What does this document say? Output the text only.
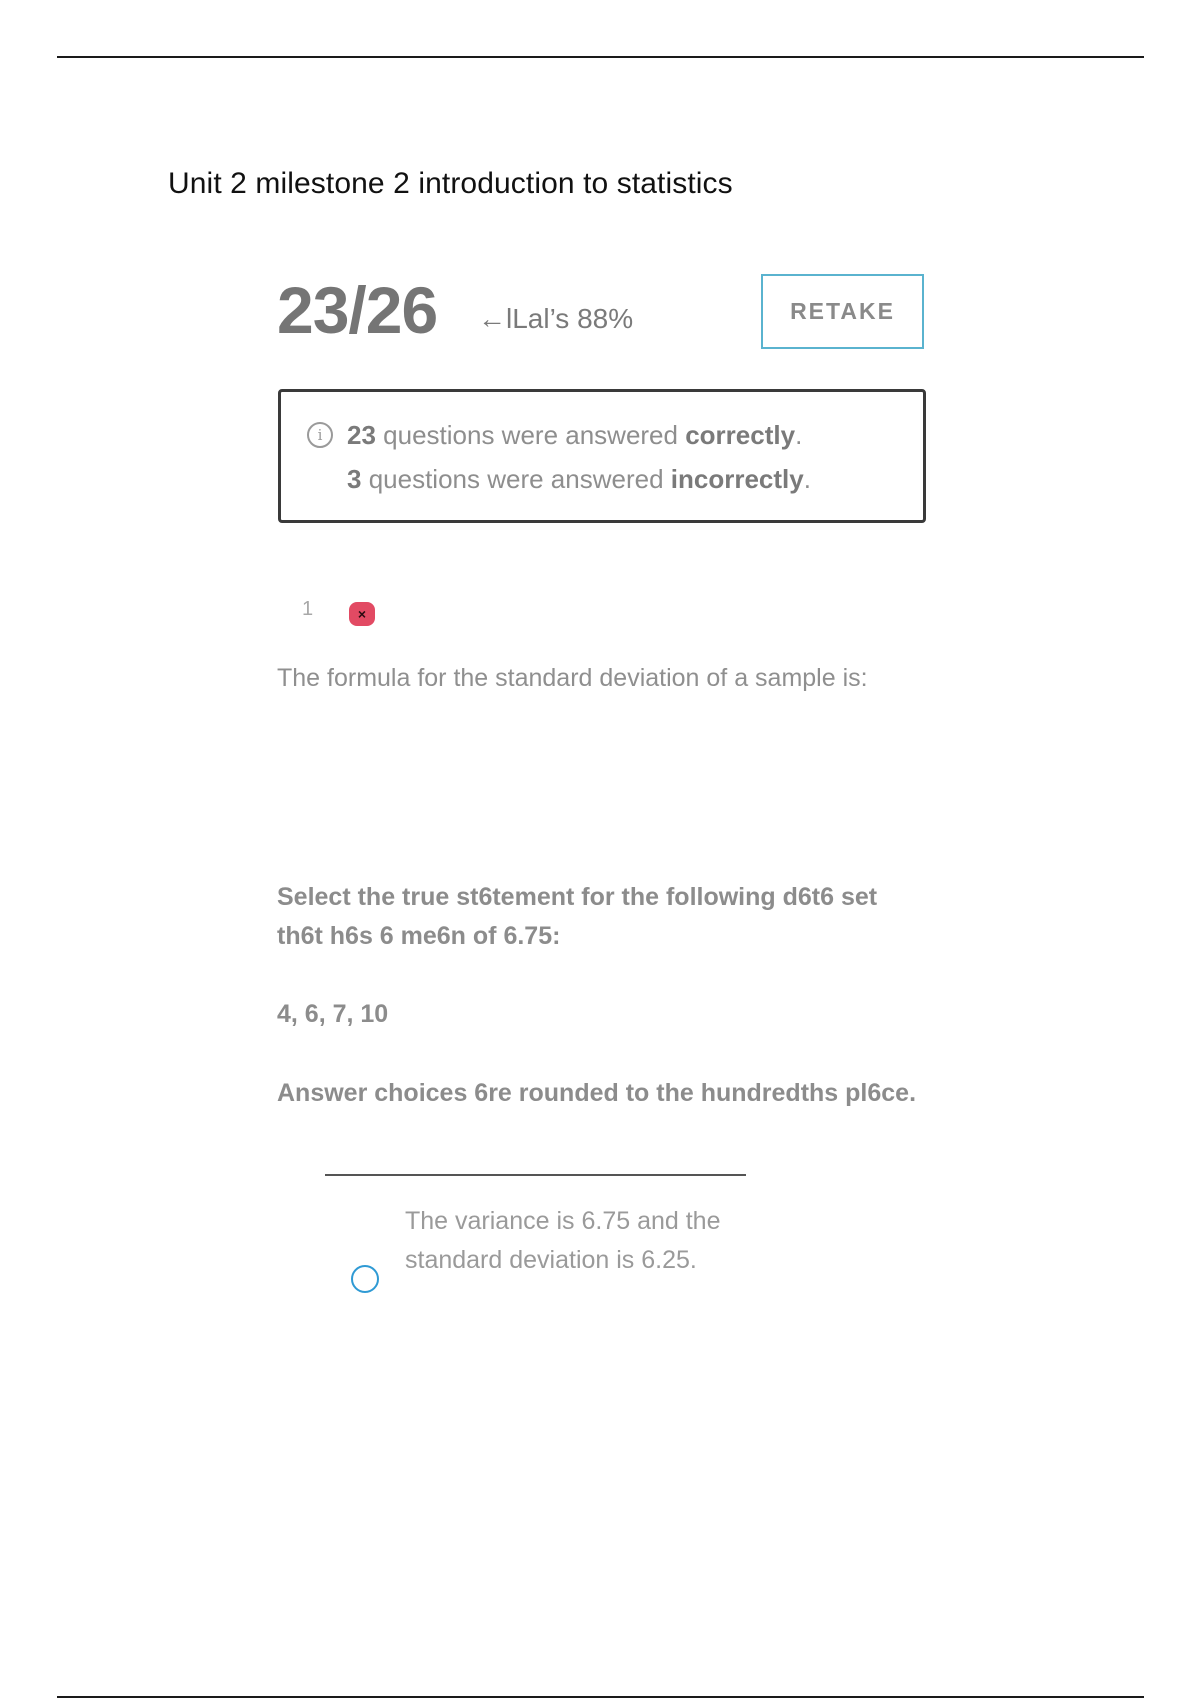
Unit 2 milestone 2 introduction to statistics
23/26 ←lLal’s 88%	RETAKE
i 23 questions were answered correctly.
3 questions were answered incorrectly.
1	×
The formula for the standard deviation of a sample is:
Select the true st6tement for the following d6t6 set th6t h6s 6 me6n of 6.75:
4, 6, 7, 10
Answer choices 6re rounded to the hundredths pl6ce.
The variance is 6.75 and the standard deviation is 6.25.
